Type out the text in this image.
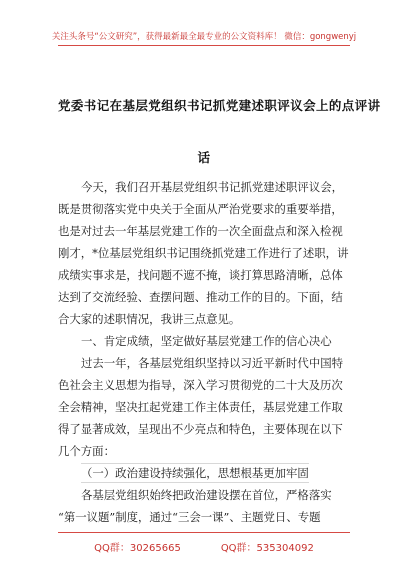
关注头条号“公文研究”，获得最新最全最专业的公文资料库！ 微信：gongwenyj
党委书记在基层党组织书记抓党建述职评议会上的点评讲
话
今天，我们召开基层党组织书记抓党建述职评议会，
既是贯彻落实党中央关于全面从严治党要求的重要举措，
也是对过去一年基层党建工作的一次全面盘点和深入检视
刚才，*位基层党组织书记围绕抓党建工作进行了述职，讲
成绩实事求是，找问题不遮不掩，谈打算思路清晰，总体
达到了交流经验、查摆问题、推动工作的目的。下面，结
合大家的述职情况，我讲三点意见。
一、肯定成绩，坚定做好基层党建工作的信心决心
过去一年，各基层党组织坚持以习近平新时代中国特
色社会主义思想为指导，深入学习贯彻党的二十大及历次
全会精神，坚决扛起党建工作主体责任，基层党建工作取
得了显著成效，呈现出不少亮点和特色，主要体现在以下
几个方面：
（一）政治建设持续强化，思想根基更加牢固
各基层党组织始终把政治建设摆在首位，严格落实
“第一议题”制度，通过“三会一课”、主题党日、专题
QQ群：30265665	QQ群：535304092
